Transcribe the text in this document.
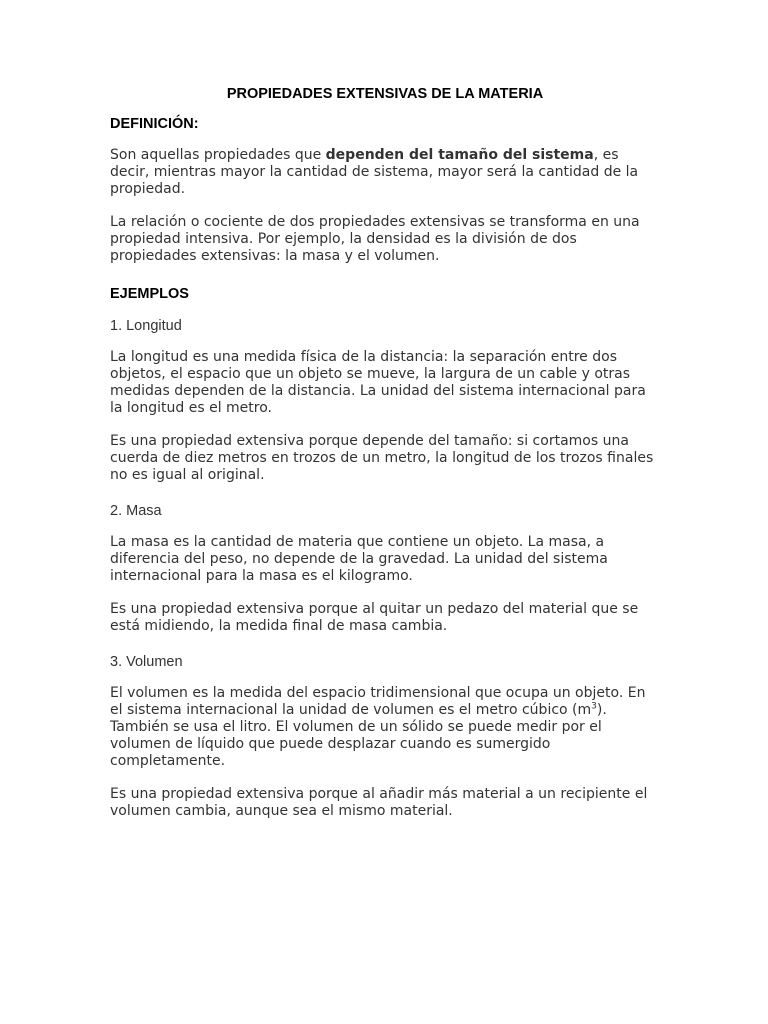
PROPIEDADES EXTENSIVAS DE LA MATERIA
DEFINICIÓN:

Son aquellas propiedades que dependen del tamaño del sistema, es decir, mientras mayor la cantidad de sistema, mayor será la cantidad de la propiedad.

La relación o cociente de dos propiedades extensivas se transforma en una propiedad intensiva. Por ejemplo, la densidad es la división de dos propiedades extensivas: la masa y el volumen.

EJEMPLOS
1. Longitud

La longitud es una medida física de la distancia: la separación entre dos objetos, el espacio que un objeto se mueve, la largura de un cable y otras medidas dependen de la distancia. La unidad del sistema internacional para la longitud es el metro.

Es una propiedad extensiva porque depende del tamaño: si cortamos una cuerda de diez metros en trozos de un metro, la longitud de los trozos finales no es igual al original.

2. Masa

La masa es la cantidad de materia que contiene un objeto. La masa, a diferencia del peso, no depende de la gravedad. La unidad del sistema internacional para la masa es el kilogramo.

Es una propiedad extensiva porque al quitar un pedazo del material que se está midiendo, la medida final de masa cambia.

3. Volumen

El volumen es la medida del espacio tridimensional que ocupa un objeto. En el sistema internacional la unidad de volumen es el metro cúbico $(m^3)$. También se usa el litro. El volumen de un sólido se puede medir por el volumen de líquido que puede desplazar cuando es sumergido completamente.

Es una propiedad extensiva porque al añadir más material a un recipiente el volumen cambia, aunque sea el mismo material.
